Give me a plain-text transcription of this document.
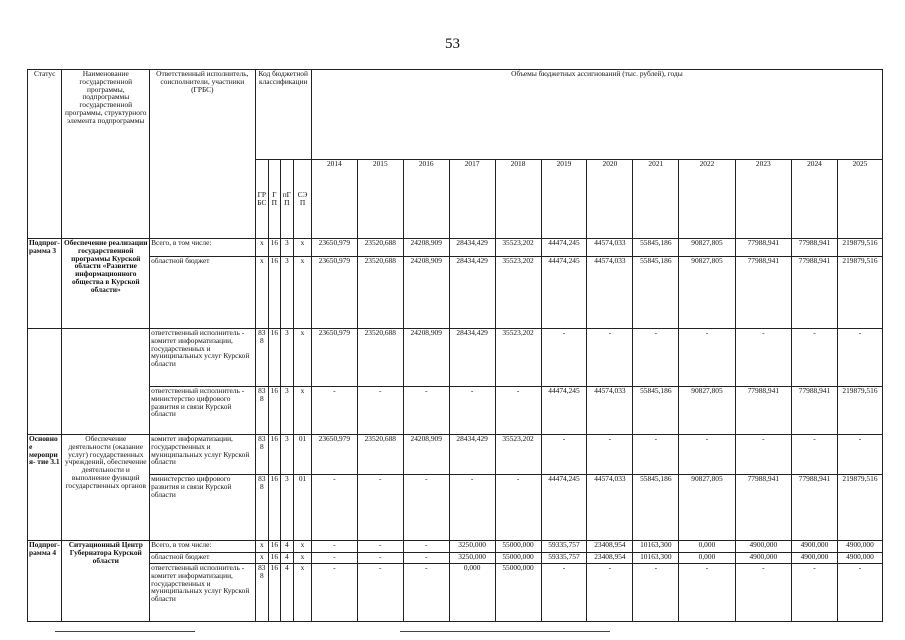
53
Статус	Наименование государственной программы, подпрограммы государственной программы, структурного элемента подпрограммы	Ответственный исполнитель, соисполнители, участники (ГРБС)	Код бюджетной классификации				Объемы бюджетных ассигнований (тыс. рублей), годы											
			ГРБС	ГП	пГП	СЭП	2014	2015	2016	2017	2018	2019	2020	2021	2022	2023	2024	2025
Подпрог- рамма 3	Обеспечение реализации государственной программы Курской области «Развитие информационного общества в Курской области»	Всего, в том числе:	x	16	3	x	23650,979	23520,688	24208,909	28434,429	35523,202	44474,245	44574,033	55845,186	90827,805	77988,941	77988,941	219879,516
		областной бюджет	x	16	3	x	23650,979	23520,688	24208,909	28434,429	35523,202	44474,245	44574,033	55845,186	90827,805	77988,941	77988,941	219879,516
		ответственный исполнитель - комитет информатизации, государственных и муниципальных услуг Курской области	838	16	3	x	23650,979	23520,688	24208,909	28434,429	35523,202	-	-	-	-	-	-	-
		ответственный исполнитель - министерство цифрового развития и связи Курской области	838	16	3	x	-	-	-	-	-	44474,245	44574,033	55845,186	90827,805	77988,941	77988,941	219879,516
Основное мероприя- тие 3.1	Обеспечение деятельности (оказание услуг) государственных учреждений, обеспечение деятельности и выполнение функций государственных органов	комитет информатизации, государственных и муниципальных услуг Курской области	838	16	3	01	23650,979	23520,688	24208,909	28434,429	35523,202	-	-	-	-	-	-	-
		министерство цифрового развития и связи Курской области	838	16	3	01	-	-	-	-	-	44474,245	44574,033	55845,186	90827,805	77988,941	77988,941	219879,516
Подпрог- рамма 4	Ситуационный Центр Губернатора Курской области	Всего, в том числе:	x	16	4	x	-	-	-	3250,000	55000,000	59335,757	23408,954	10163,300	0,000	4900,000	4900,000	4900,000
		областной бюджет	x	16	4	x	-	-	-	3250,000	55000,000	59335,757	23408,954	10163,300	0,000	4900,000	4900,000	4900,000
		ответственный исполнитель - комитет информатизации, государственных и муниципальных услуг Курской области	838	16	4	x	-	-	-	0,000	55000,000	-	-	-	-	-	-	-
